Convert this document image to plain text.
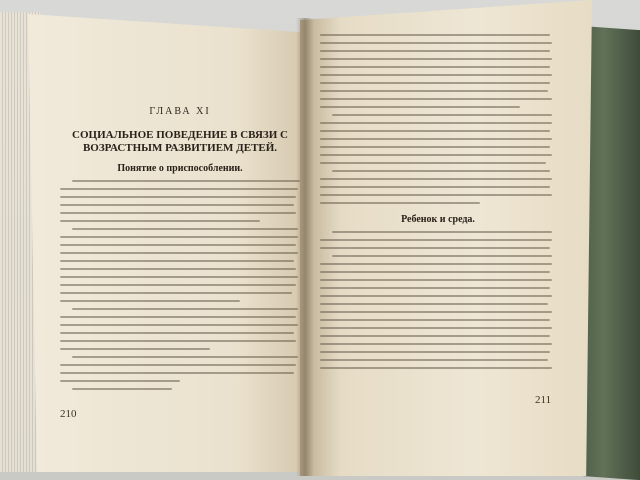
ГЛАВА XI
СОЦИАЛЬНОЕ ПОВЕДЕНИЕ В СВЯЗИ С ВОЗРАСТНЫМ РАЗВИТИЕМ ДЕТЕЙ.
Понятие о приспособлении.
210
Ребенок и среда.
211
